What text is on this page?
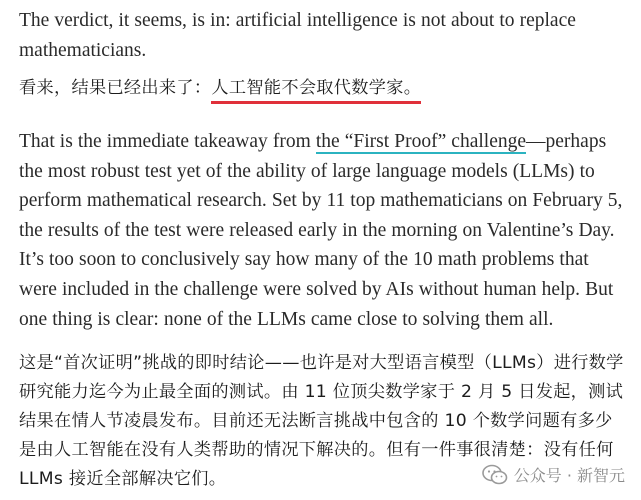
The verdict, it seems, is in: artificial intelligence is not about to replace mathematicians.

看来，结果已经出来了：人工智能不会取代数学家。

That is the immediate takeaway from the “First Proof” challenge—perhaps the most robust test yet of the ability of large language models (LLMs) to perform mathematical research. Set by 11 top mathematicians on February 5, the results of the test were released early in the morning on Valentine’s Day. It’s too soon to conclusively say how many of the 10 math problems that were included in the challenge were solved by AIs without human help. But one thing is clear: none of the LLMs came close to solving them all.

这是“首次证明”挑战的即时结论——也许是对大型语言模型（LLMs）进行数学研究能力迄今为止最全面的测试。由 11 位顶尖数学家于 2 月 5 日发起，测试结果在情人节凌晨发布。目前还无法断言挑战中包含的 10 个数学问题有多少是由人工智能在没有人类帮助的情况下解决的。但有一件事很清楚：没有任何 LLMs 接近全部解决它们。	公众号 · 新智元
